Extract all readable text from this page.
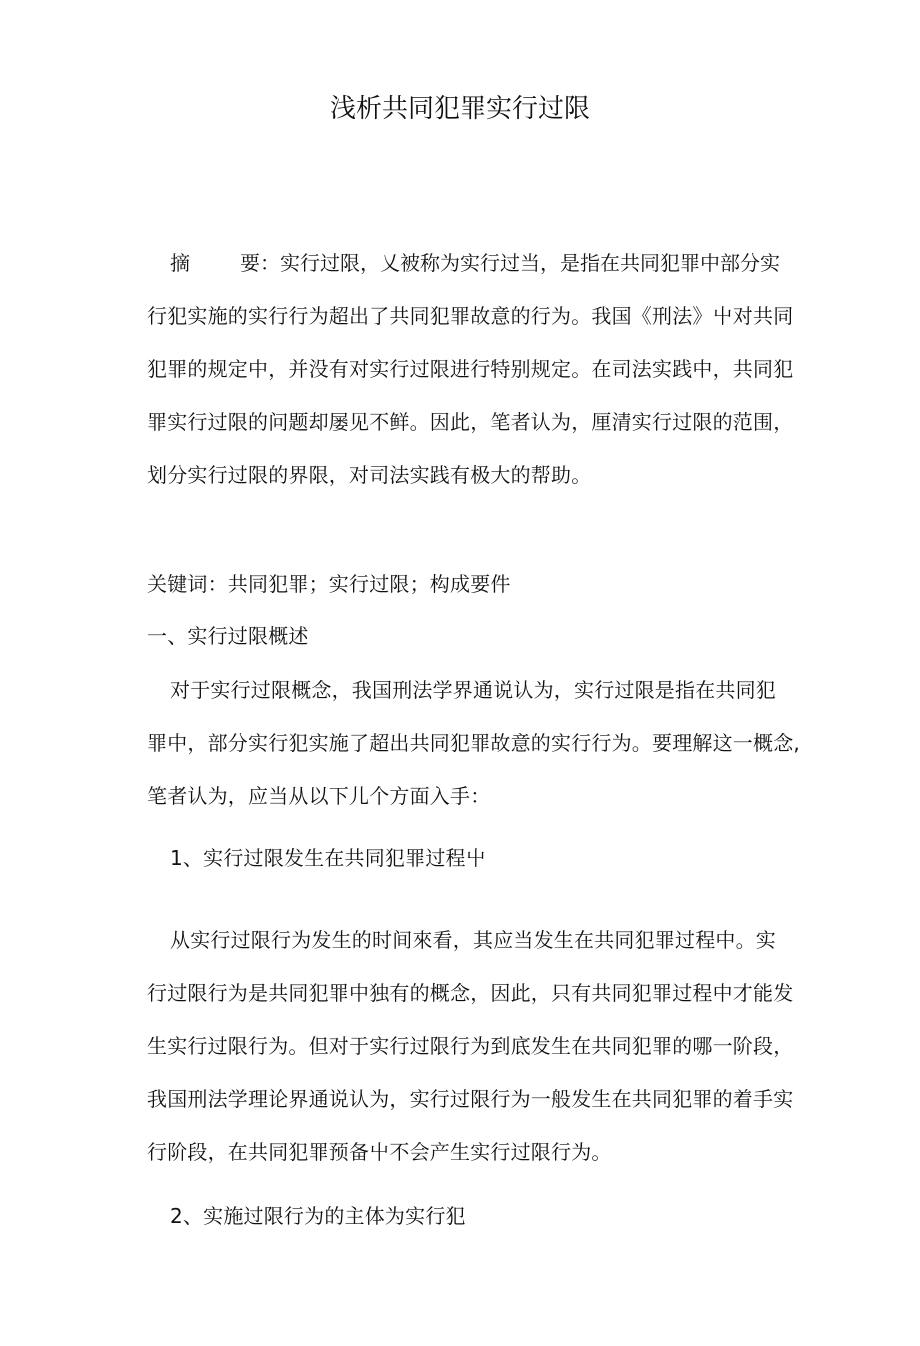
浅析共同犯罪实行过限
摘	要：实行过限，乂被称为实行过当，是指在共同犯罪中部分实
行犯实施的实行行为超出了共同犯罪故意的行为。我国《刑法》屮对共同
犯罪的规定中，并没有对实行过限进行特别规定。在司法实践中，共同犯
罪实行过限的问题却屡见不鲜。因此，笔者认为，厘清实行过限的范围，
划分实行过限的界限，对司法实践有极大的帮助。
关键词：共同犯罪；实行过限；构成要件
一、实行过限概述
对于实行过限概念，我国刑法学界通说认为，实行过限是指在共同犯
罪中，部分实行犯实施了超出共同犯罪故意的实行行为。要理解这一概念,
笔者认为，应当从以下儿个方面入手：
1、实行过限发生在共同犯罪过程屮
从实行过限行为发生的时间來看，其应当发生在共同犯罪过程中。实
行过限行为是共同犯罪中独有的概念，因此，只有共同犯罪过程中才能发
生实行过限行为。但对于实行过限行为到底发生在共同犯罪的哪一阶段，
我国刑法学理论界通说认为，实行过限行为一般发生在共同犯罪的着手实
行阶段，在共同犯罪预备屮不会产生实行过限行为。
2、实施过限行为的主体为实行犯
